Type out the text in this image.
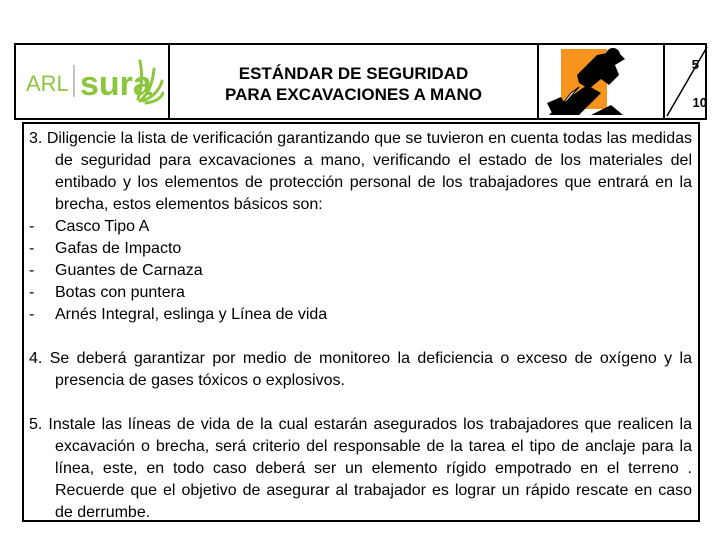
ARL sura	ESTÁNDAR DE SEGURIDAD
PARA EXCAVACIONES A MANO
5
10
3. Diligencie la lista de verificación garantizando que se tuvieron en cuenta todas las medidas de seguridad para excavaciones a mano, verificando el estado de los materiales del entibado y los elementos de protección personal de los trabajadores que entrará en la brecha, estos elementos básicos son:
-	Casco Tipo A
-	Gafas de Impacto
-	Guantes de Carnaza
-	Botas con puntera
-	Arnés Integral, eslinga y Línea de vida
4. Se deberá garantizar por medio de monitoreo la deficiencia o exceso de oxígeno y la presencia de gases tóxicos o explosivos.
5. Instale las líneas de vida de la cual estarán asegurados los trabajadores que realicen la excavación o brecha, será criterio del responsable de la tarea el tipo de anclaje para la línea, este, en todo caso deberá ser un elemento rígido empotrado en el terreno . Recuerde que el objetivo de asegurar al trabajador es lograr un rápido rescate en caso de derrumbe.
